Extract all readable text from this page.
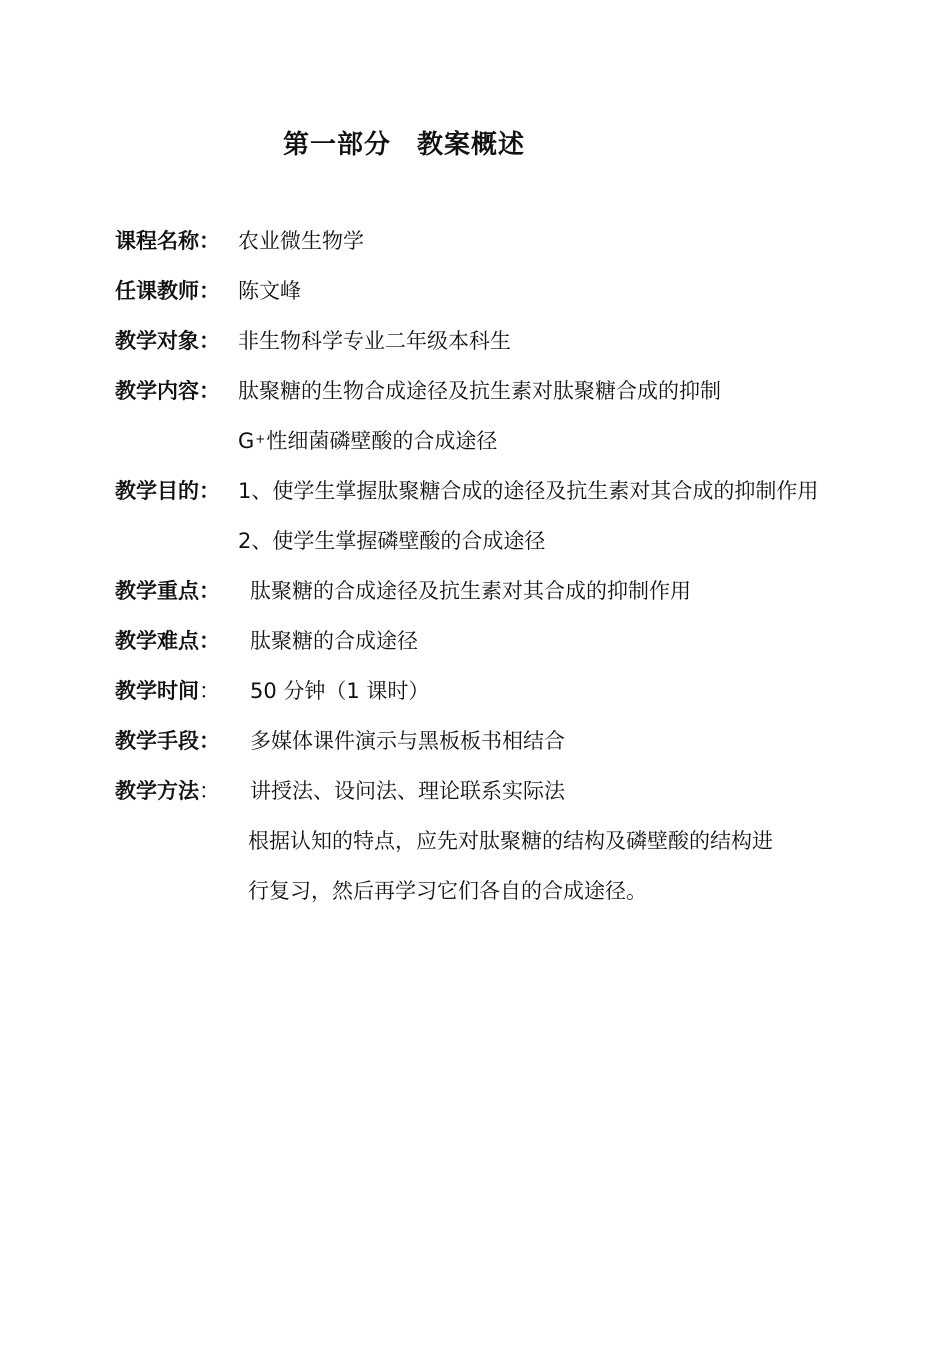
第一部分 教案概述
课程名称： 农业微生物学
任课教师： 陈文峰
教学对象： 非生物科学专业二年级本科生
教学内容： 肽聚糖的生物合成途径及抗生素对肽聚糖合成的抑制
G+性细菌磷壁酸的合成途径
教学目的： 1、使学生掌握肽聚糖合成的途径及抗生素对其合成的抑制作用
2、使学生掌握磷壁酸的合成途径
教学重点： 肽聚糖的合成途径及抗生素对其合成的抑制作用
教学难点： 肽聚糖的合成途径
教学时间： 50 分钟（1 课时）
教学手段： 多媒体课件演示与黑板板书相结合
教学方法： 讲授法、设问法、理论联系实际法
根据认知的特点，应先对肽聚糖的结构及磷壁酸的结构进
行复习，然后再学习它们各自的合成途径。
